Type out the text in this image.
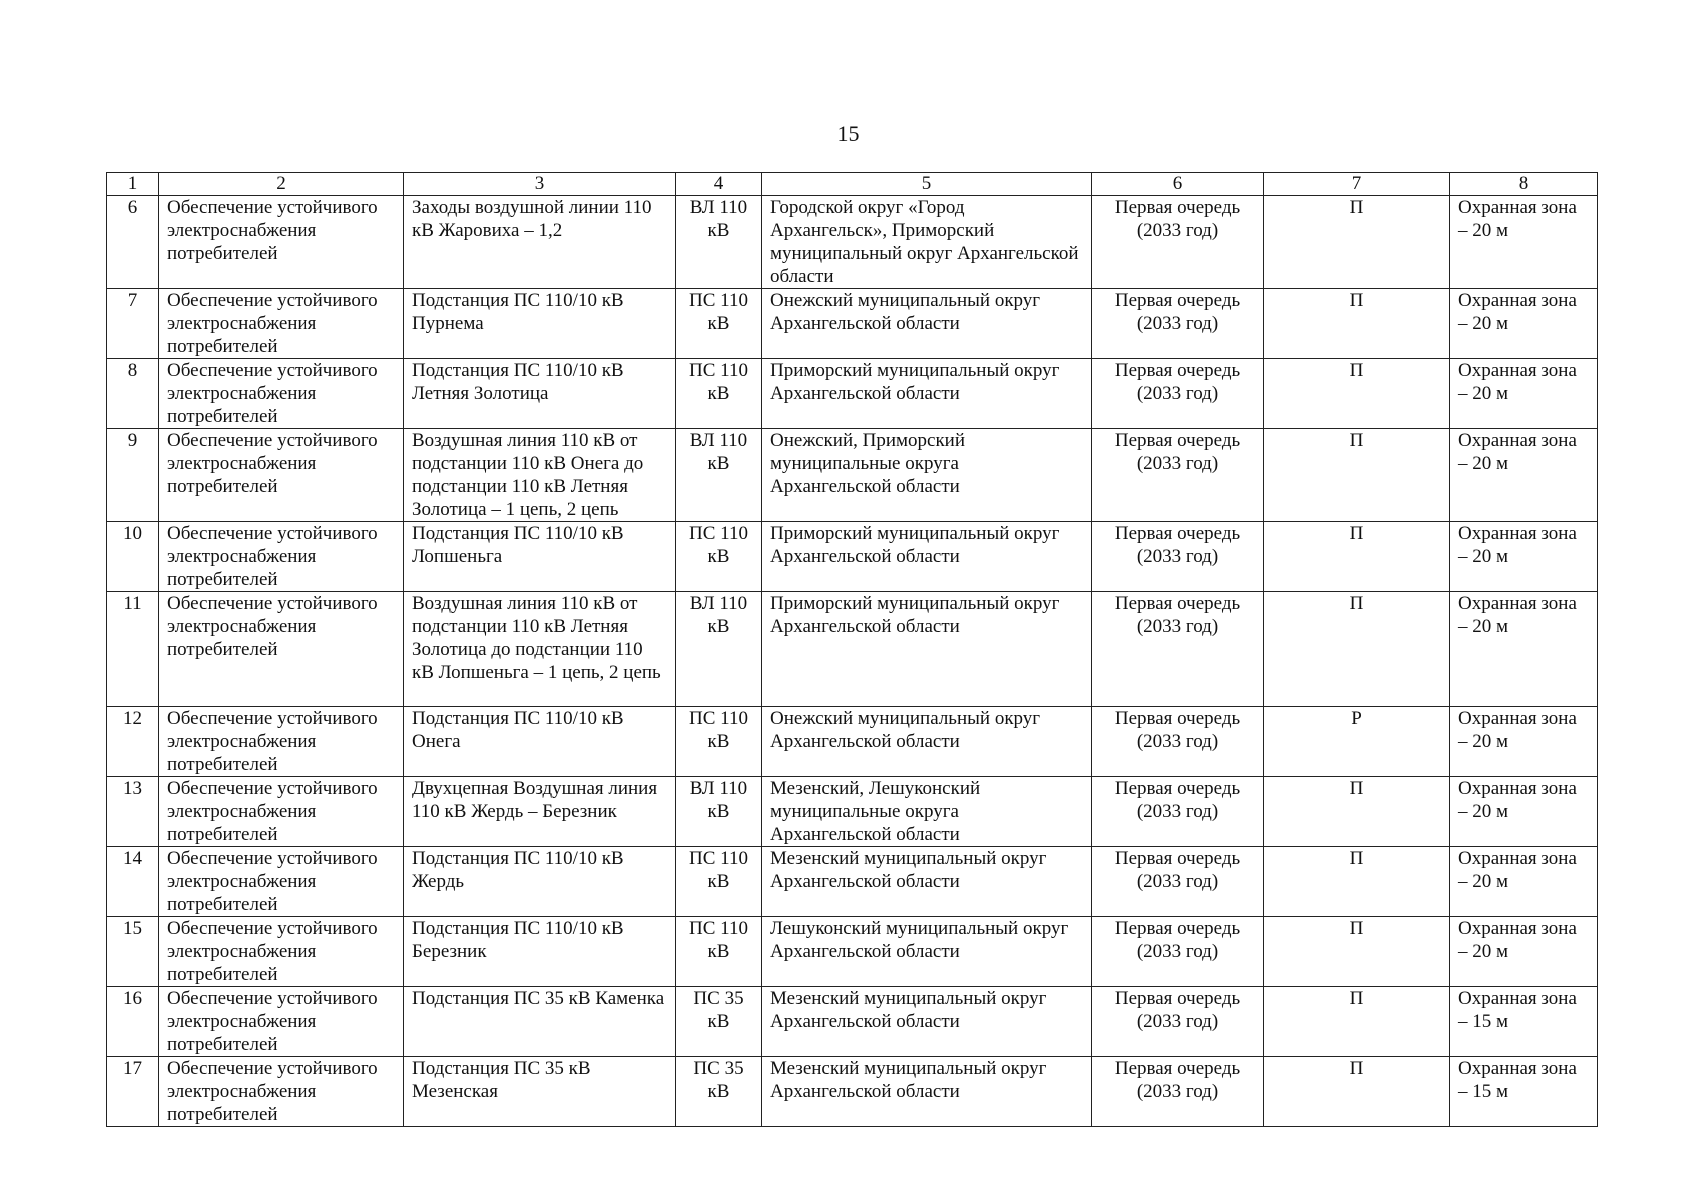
15
1	2	3	4	5	6	7	8
6	Обеспечение устойчивого электроснабжения потребителей	Заходы воздушной линии 110 кВ Жаровиха – 1,2	ВЛ 110 кВ	Городской округ «Город Архангельск», Приморский муниципальный округ Архангельской области	Первая очередь (2033 год)	П	Охранная зона – 20 м
7	Обеспечение устойчивого электроснабжения потребителей	Подстанция ПС 110/10 кВ Пурнема	ПС 110 кВ	Онежский муниципальный округ Архангельской области	Первая очередь (2033 год)	П	Охранная зона – 20 м
8	Обеспечение устойчивого электроснабжения потребителей	Подстанция ПС 110/10 кВ Летняя Золотица	ПС 110 кВ	Приморский муниципальный округ Архангельской области	Первая очередь (2033 год)	П	Охранная зона – 20 м
9	Обеспечение устойчивого электроснабжения потребителей	Воздушная линия 110 кВ от подстанции 110 кВ Онега до подстанции 110 кВ Летняя Золотица – 1 цепь, 2 цепь	ВЛ 110 кВ	Онежский, Приморский муниципальные округа Архангельской области	Первая очередь (2033 год)	П	Охранная зона – 20 м
10	Обеспечение устойчивого электроснабжения потребителей	Подстанция ПС 110/10 кВ Лопшеньга	ПС 110 кВ	Приморский муниципальный округ Архангельской области	Первая очередь (2033 год)	П	Охранная зона – 20 м
11	Обеспечение устойчивого электроснабжения потребителей	Воздушная линия 110 кВ от подстанции 110 кВ Летняя Золотица до подстанции 110 кВ Лопшеньга – 1 цепь, 2 цепь	ВЛ 110 кВ	Приморский муниципальный округ Архангельской области	Первая очередь (2033 год)	П	Охранная зона – 20 м
12	Обеспечение устойчивого электроснабжения потребителей	Подстанция ПС 110/10 кВ Онега	ПС 110 кВ	Онежский муниципальный округ Архангельской области	Первая очередь (2033 год)	Р	Охранная зона – 20 м
13	Обеспечение устойчивого электроснабжения потребителей	Двухцепная Воздушная линия 110 кВ Жердь – Березник	ВЛ 110 кВ	Мезенский, Лешуконский муниципальные округа Архангельской области	Первая очередь (2033 год)	П	Охранная зона – 20 м
14	Обеспечение устойчивого электроснабжения потребителей	Подстанция ПС 110/10 кВ Жердь	ПС 110 кВ	Мезенский муниципальный округ Архангельской области	Первая очередь (2033 год)	П	Охранная зона – 20 м
15	Обеспечение устойчивого электроснабжения потребителей	Подстанция ПС 110/10 кВ Березник	ПС 110 кВ	Лешуконский муниципальный округ Архангельской области	Первая очередь (2033 год)	П	Охранная зона – 20 м
16	Обеспечение устойчивого электроснабжения потребителей	Подстанция ПС 35 кВ Каменка	ПС 35 кВ	Мезенский муниципальный округ Архангельской области	Первая очередь (2033 год)	П	Охранная зона – 15 м
17	Обеспечение устойчивого электроснабжения потребителей	Подстанция ПС 35 кВ Мезенская	ПС 35 кВ	Мезенский муниципальный округ Архангельской области	Первая очередь (2033 год)	П	Охранная зона – 15 м
